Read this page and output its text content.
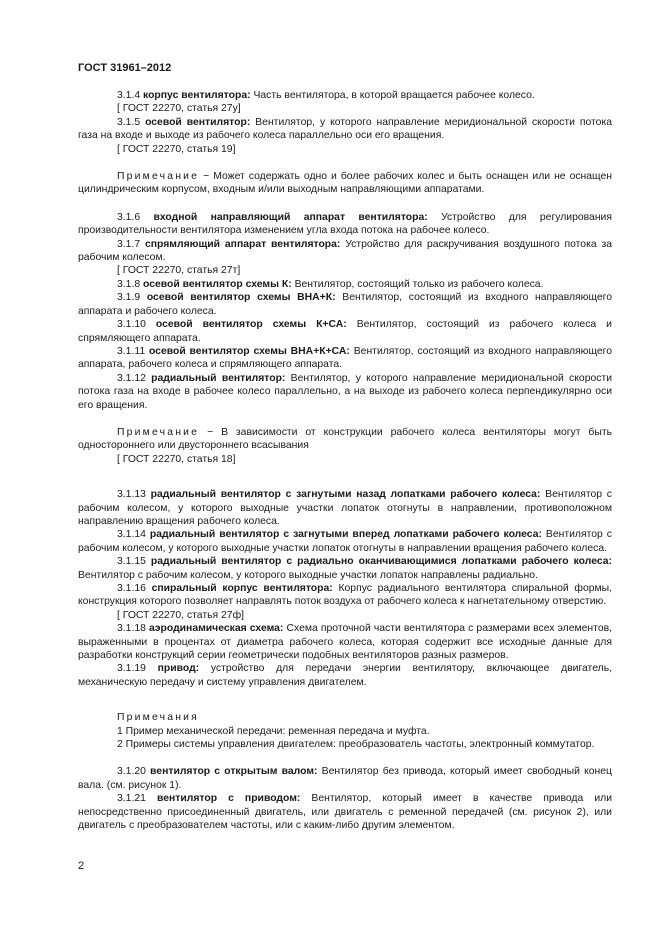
ГОСТ 31961–2012

3.1.4 корпус вентилятора: Часть вентилятора, в которой вращается рабочее колесо.

[ ГОСТ 22270, статья 27у]

3.1.5 осевой вентилятор: Вентилятор, у которого направление меридиональной скорости потока газа на входе и выходе из рабочего колеса параллельно оси его вращения.

[ ГОСТ 22270, статья 19]

Примечание − Может содержать одно и более рабочих колес и быть оснащен или не оснащен цилиндрическим корпусом, входным и/или выходным направляющими аппаратами.

3.1.6 входной направляющий аппарат вентилятора: Устройство для регулирования производительности вентилятора изменением угла входа потока на рабочее колесо.

3.1.7 спрямляющий аппарат вентилятора: Устройство для раскручивания воздушного потока за рабочим колесом.

[ ГОСТ 22270, статья 27т]

3.1.8 осевой вентилятор схемы К: Вентилятор, состоящий только из рабочего колеса.

3.1.9 осевой вентилятор схемы ВНА+К: Вентилятор, состоящий из входного направляющего аппарата и рабочего колеса.

3.1.10 осевой вентилятор схемы К+СА: Вентилятор, состоящий из рабочего колеса и спрямляющего аппарата.

3.1.11 осевой вентилятор схемы ВНА+К+СА: Вентилятор, состоящий из входного направляющего аппарата, рабочего колеса и спрямляющего аппарата.

3.1.12 радиальный вентилятор: Вентилятор, у которого направление меридиональной скорости потока газа на входе в рабочее колесо параллельно, а на выходе из рабочего колеса перпендикулярно оси его вращения.

Примечание − В зависимости от конструкции рабочего колеса вентиляторы могут быть одностороннего или двустороннего всасывания

[ ГОСТ 22270, статья 18]

3.1.13 радиальный вентилятор с загнутыми назад лопатками рабочего колеса: Вентилятор с рабочим колесом, у которого выходные участки лопаток отогнуты в направлении, противоположном направлению вращения рабочего колеса.

3.1.14 радиальный вентилятор с загнутыми вперед лопатками рабочего колеса: Вентилятор с рабочим колесом, у которого выходные участки лопаток отогнуты в направлении вращения рабочего колеса.

3.1.15 радиальный вентилятор с радиально оканчивающимися лопатками рабочего колеса: Вентилятор с рабочим колесом, у которого выходные участки лопаток направлены радиально.

3.1.16 спиральный корпус вентилятора: Корпус радиального вентилятора спиральной формы, конструкция которого позволяет направлять поток воздуха от рабочего колеса к нагнетательному отверстию.

[ ГОСТ 22270, статья 27ф]

3.1.18 аэродинамическая схема: Схема проточной части вентилятора с размерами всех элементов, выраженными в процентах от диаметра рабочего колеса, которая содержит все исходные данные для разработки конструкций серии геометрически подобных вентиляторов разных размеров.

3.1.19 привод: устройство для передачи энергии вентилятору, включающее двигатель, механическую передачу и систему управления двигателем.

Примечания

1 Пример механической передачи: ременная передача и муфта.

2 Примеры системы управления двигателем: преобразователь частоты, электронный коммутатор.

3.1.20 вентилятор с открытым валом: Вентилятор без привода, который имеет свободный конец вала. (см. рисунок 1).

3.1.21 вентилятор с приводом: Вентилятор, который имеет в качестве привода или непосредственно присоединенный двигатель, или двигатель с ременной передачей (см. рисунок 2), или двигатель с преобразователем частоты, или с каким-либо другим элементом.

2
